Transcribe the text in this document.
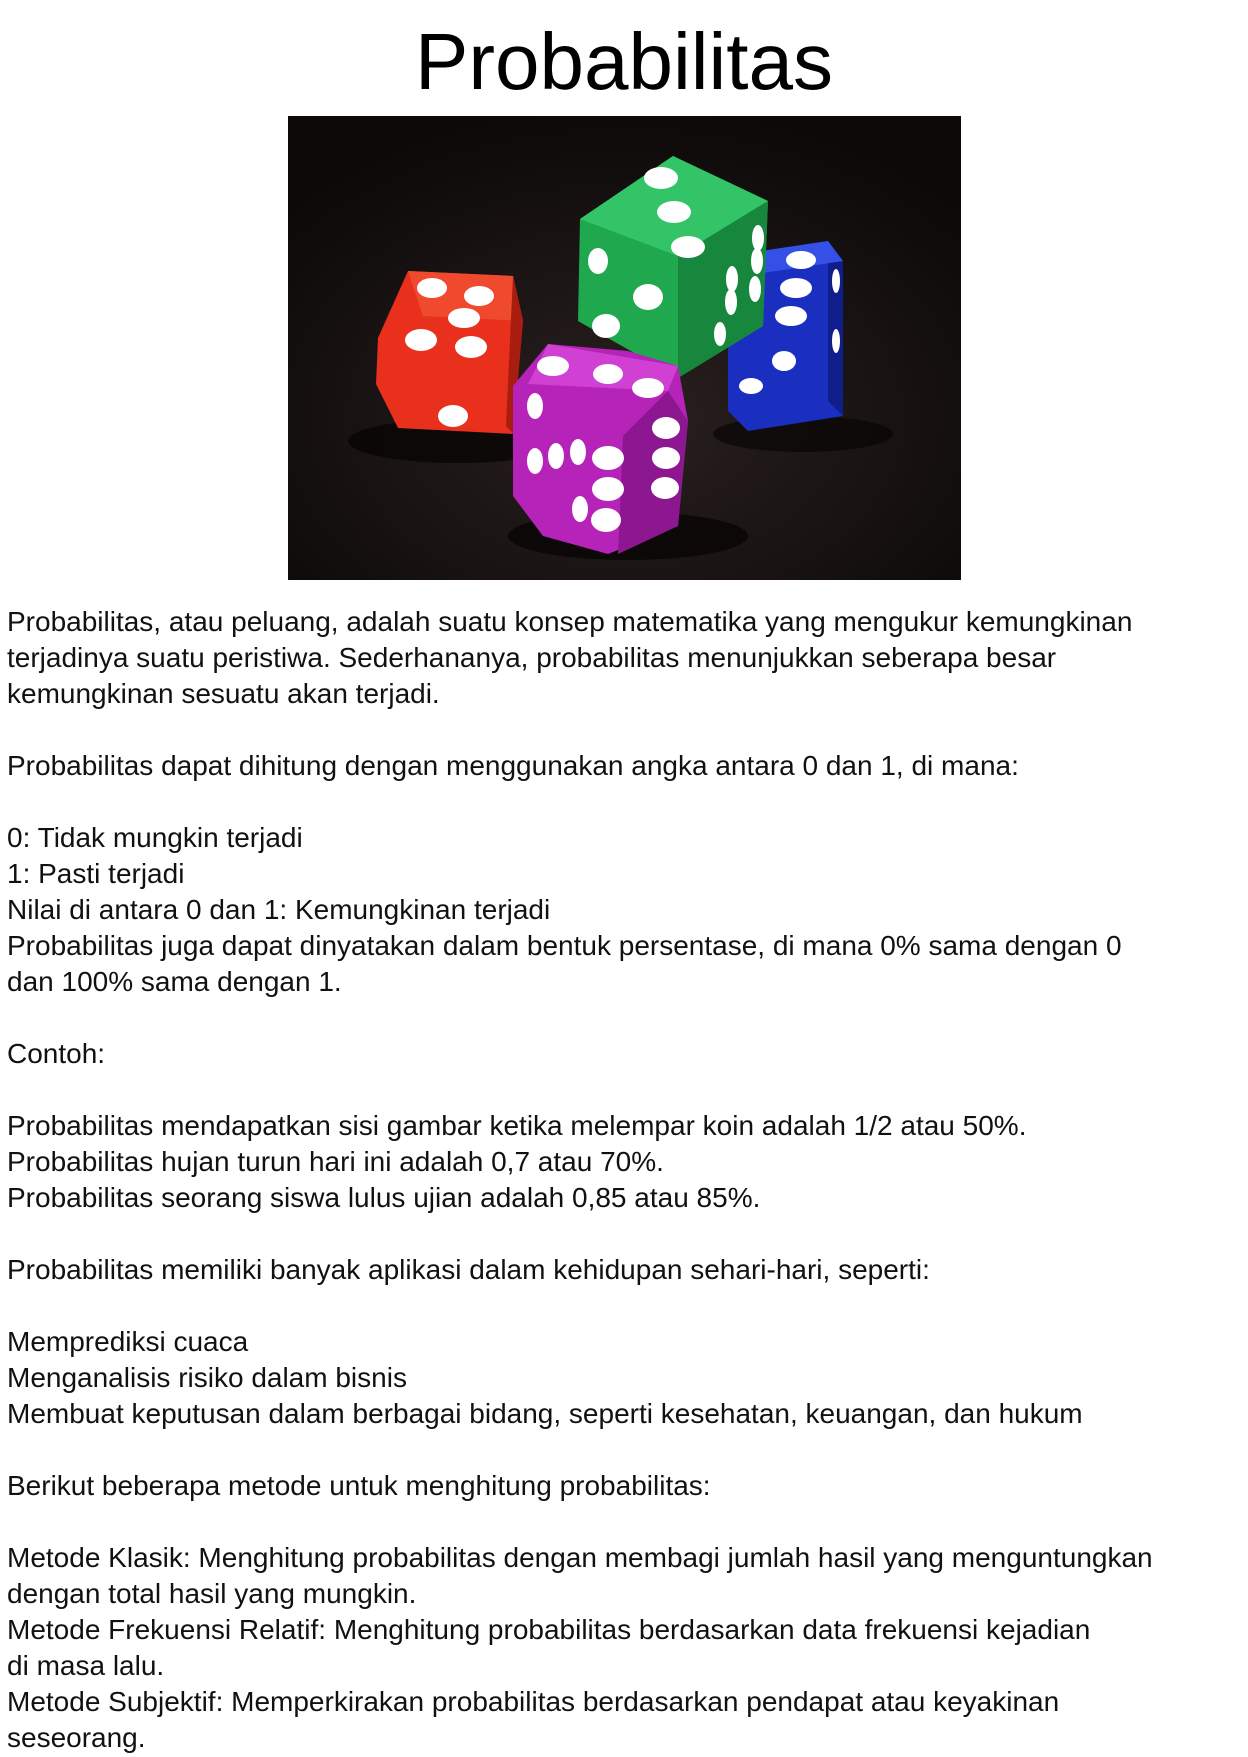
Probabilitas
Probabilitas, atau peluang, adalah suatu konsep matematika yang mengukur kemungkinan
terjadinya suatu peristiwa. Sederhananya, probabilitas menunjukkan seberapa besar
kemungkinan sesuatu akan terjadi.
Probabilitas dapat dihitung dengan menggunakan angka antara 0 dan 1, di mana:
0: Tidak mungkin terjadi
1: Pasti terjadi
Nilai di antara 0 dan 1: Kemungkinan terjadi
Probabilitas juga dapat dinyatakan dalam bentuk persentase, di mana 0% sama dengan 0
dan 100% sama dengan 1.
Contoh:
Probabilitas mendapatkan sisi gambar ketika melempar koin adalah 1/2 atau 50%.
Probabilitas hujan turun hari ini adalah 0,7 atau 70%.
Probabilitas seorang siswa lulus ujian adalah 0,85 atau 85%.
Probabilitas memiliki banyak aplikasi dalam kehidupan sehari-hari, seperti:
Memprediksi cuaca
Menganalisis risiko dalam bisnis
Membuat keputusan dalam berbagai bidang, seperti kesehatan, keuangan, dan hukum
Berikut beberapa metode untuk menghitung probabilitas:
Metode Klasik: Menghitung probabilitas dengan membagi jumlah hasil yang menguntungkan
dengan total hasil yang mungkin.
Metode Frekuensi Relatif: Menghitung probabilitas berdasarkan data frekuensi kejadian
di masa lalu.
Metode Subjektif: Memperkirakan probabilitas berdasarkan pendapat atau keyakinan
seseorang.
